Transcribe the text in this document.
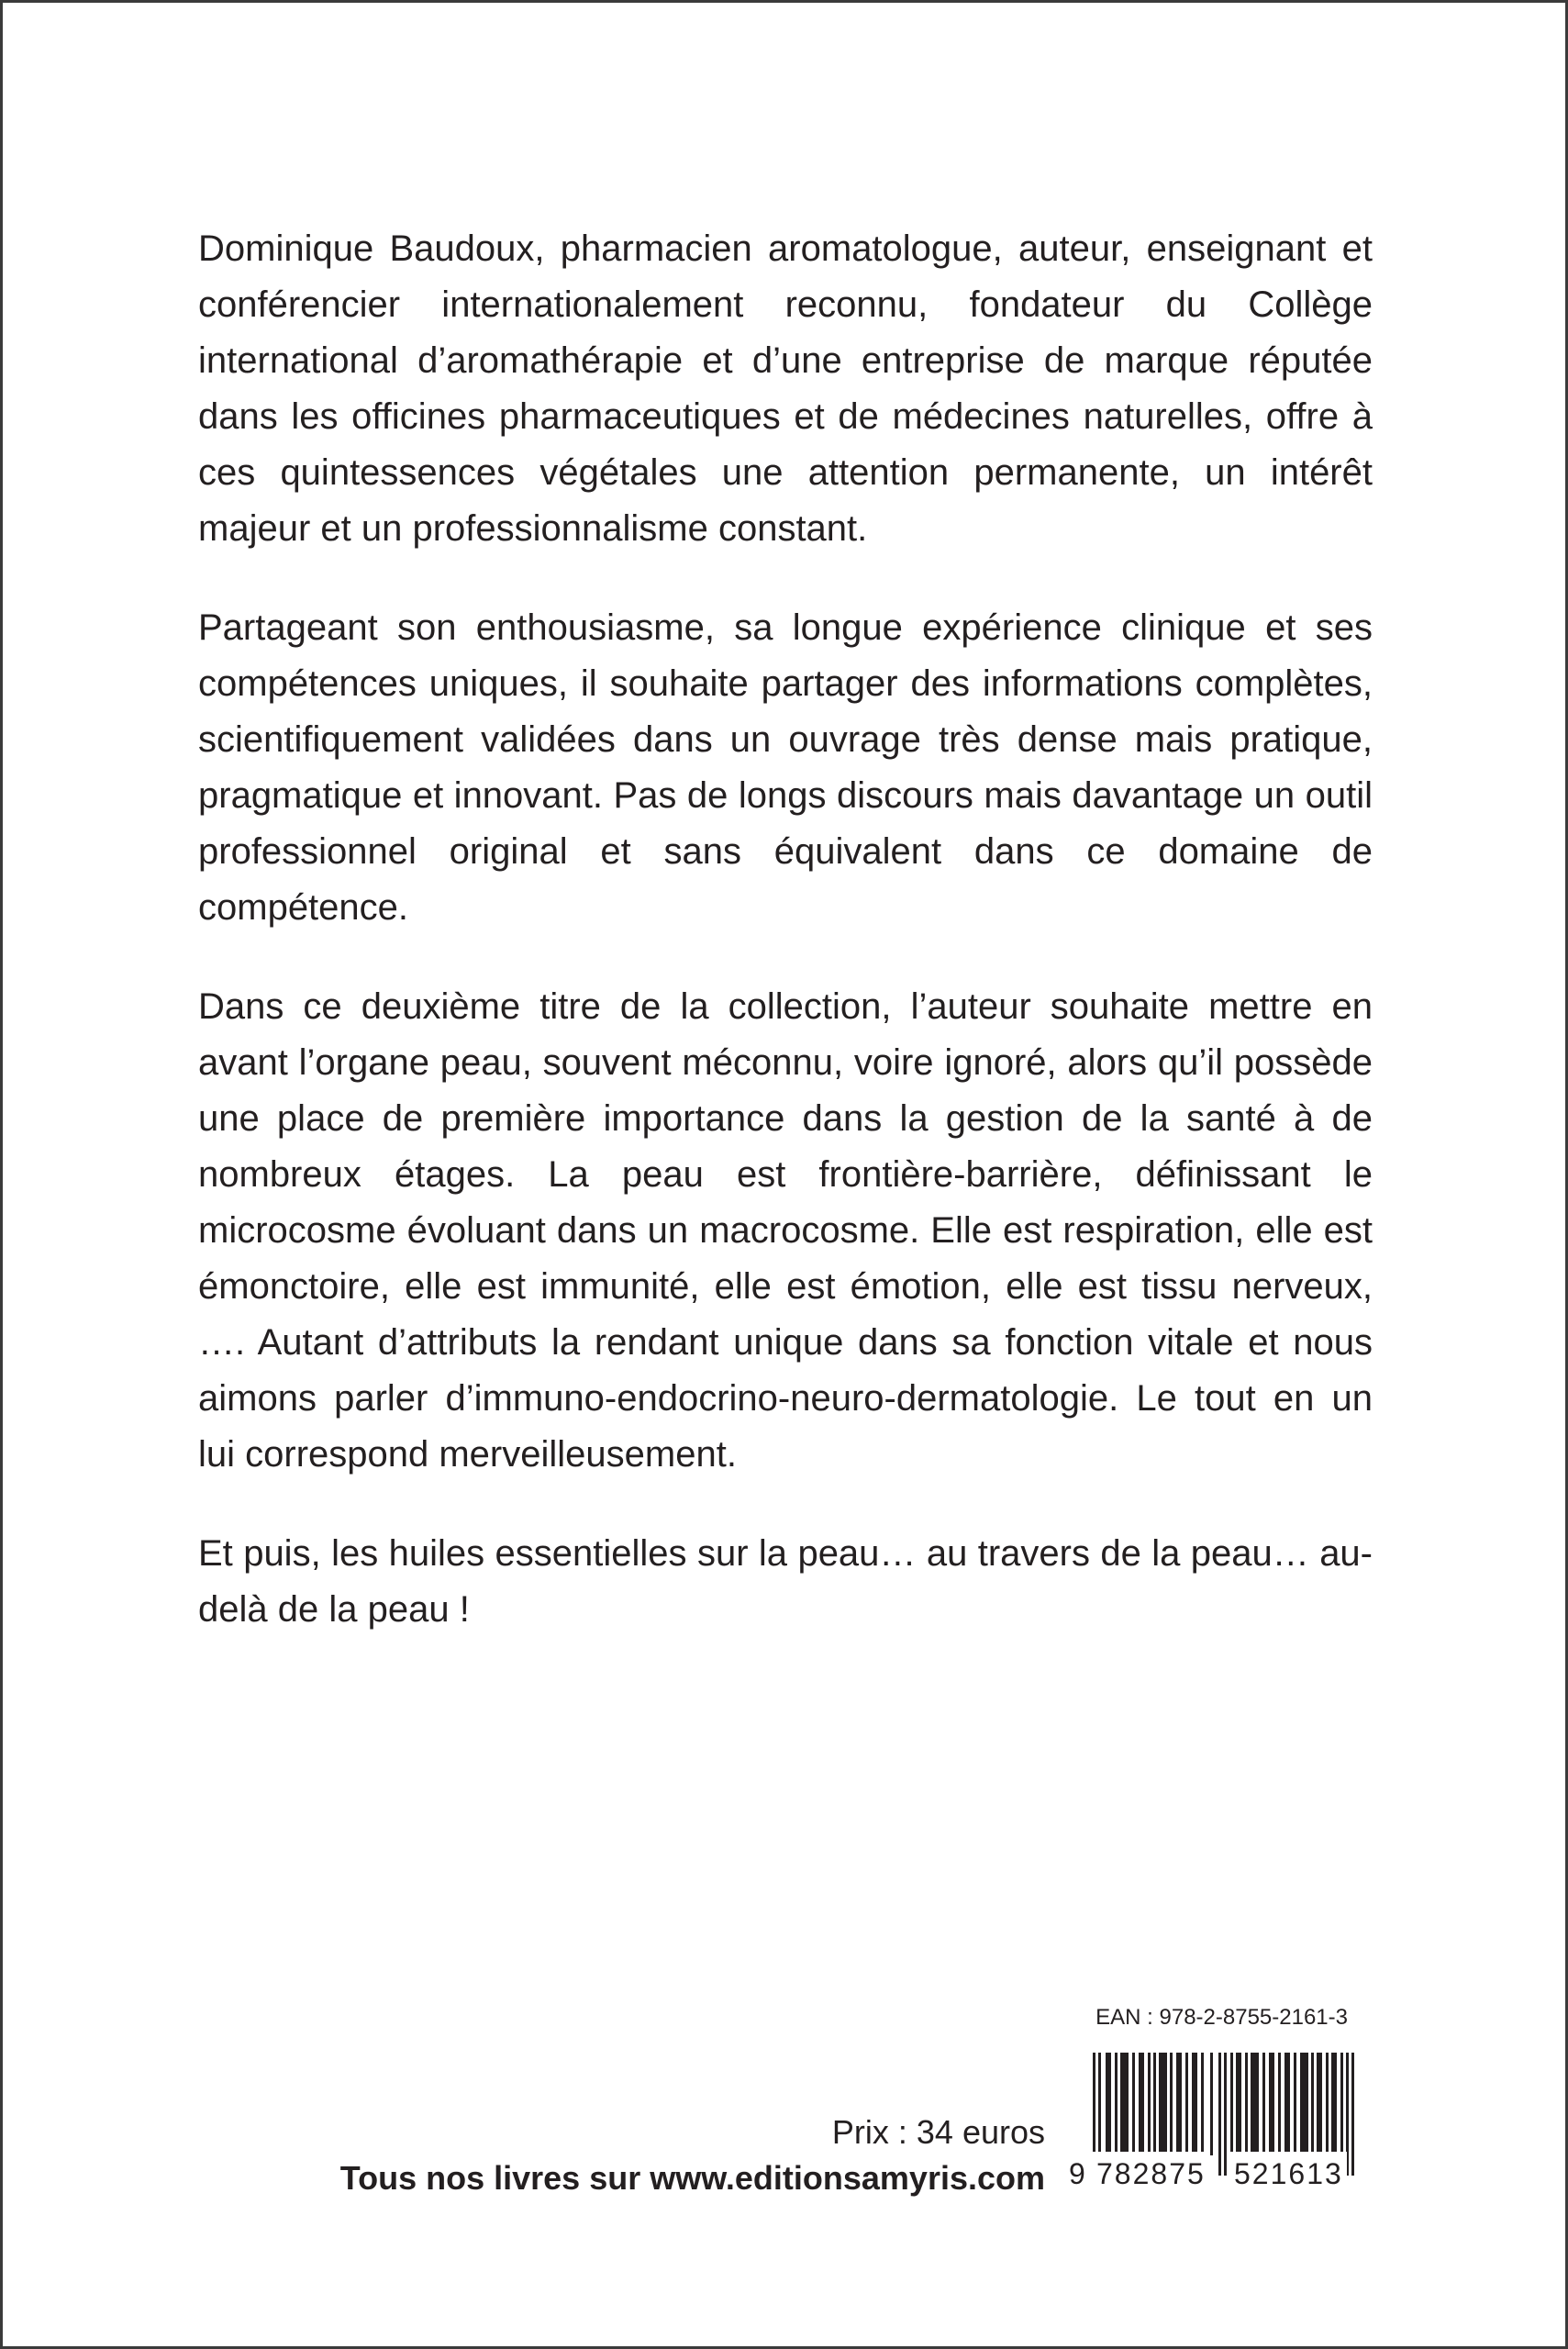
Dominique Baudoux, pharmacien aromatologue, auteur, enseignant et conférencier internationalement reconnu, fondateur du Collège international d’aromathérapie et d’une entreprise de marque réputée dans les officines pharmaceutiques et de médecines naturelles, offre à ces quintessences végétales une attention permanente, un intérêt majeur et un professionnalisme constant.

Partageant son enthousiasme, sa longue expérience clinique et ses compétences uniques, il souhaite partager des informations complètes, scientifiquement validées dans un ouvrage très dense mais pratique, pragmatique et innovant. Pas de longs discours mais davantage un outil professionnel original et sans équivalent dans ce domaine de compétence.

Dans ce deuxième titre de la collection, l’auteur souhaite mettre en avant l’organe peau, souvent méconnu, voire ignoré, alors qu’il possède une place de première importance dans la gestion de la santé à de nombreux étages. La peau est frontière-barrière, définissant le microcosme évoluant dans un macrocosme. Elle est respiration, elle est émonctoire, elle est immunité, elle est émotion, elle est tissu nerveux, …. Autant d’attributs la rendant unique dans sa fonction vitale et nous aimons parler d’immuno-endocrino-neuro-dermatologie. Le tout en un lui correspond merveilleusement.

Et puis, les huiles essentielles sur la peau… au travers de la peau… au-delà de la peau !

EAN : 978-2-8755-2161-3
9 782875 521613
Prix : 34 euros
Tous nos livres sur www.editionsamyris.com
